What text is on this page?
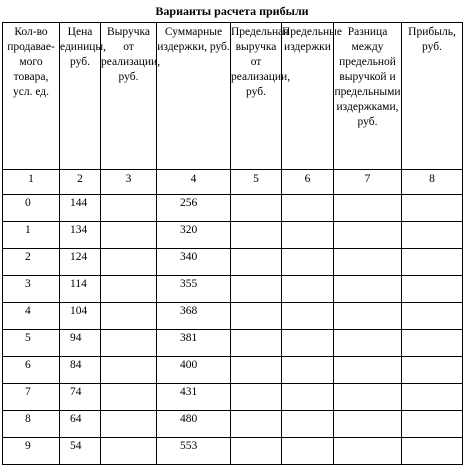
Варианты расчета прибыли
Кол-во продаваемого товара, усл. ед.	Цена единицы, руб.	Выручка от реализации, руб.	Суммарные издержки, руб.	Предельная выручка от реализации, руб.	Предельные издержки	Разница между предельной выручкой и предельными издержками, руб.	Прибыль, руб.
1	2	3	4	5	6	7	8
0	144		256				
1	134		320				
2	124		340				
3	114		355				
4	104		368				
5	94		381				
6	84		400				
7	74		431				
8	64		480				
9	54		553				
